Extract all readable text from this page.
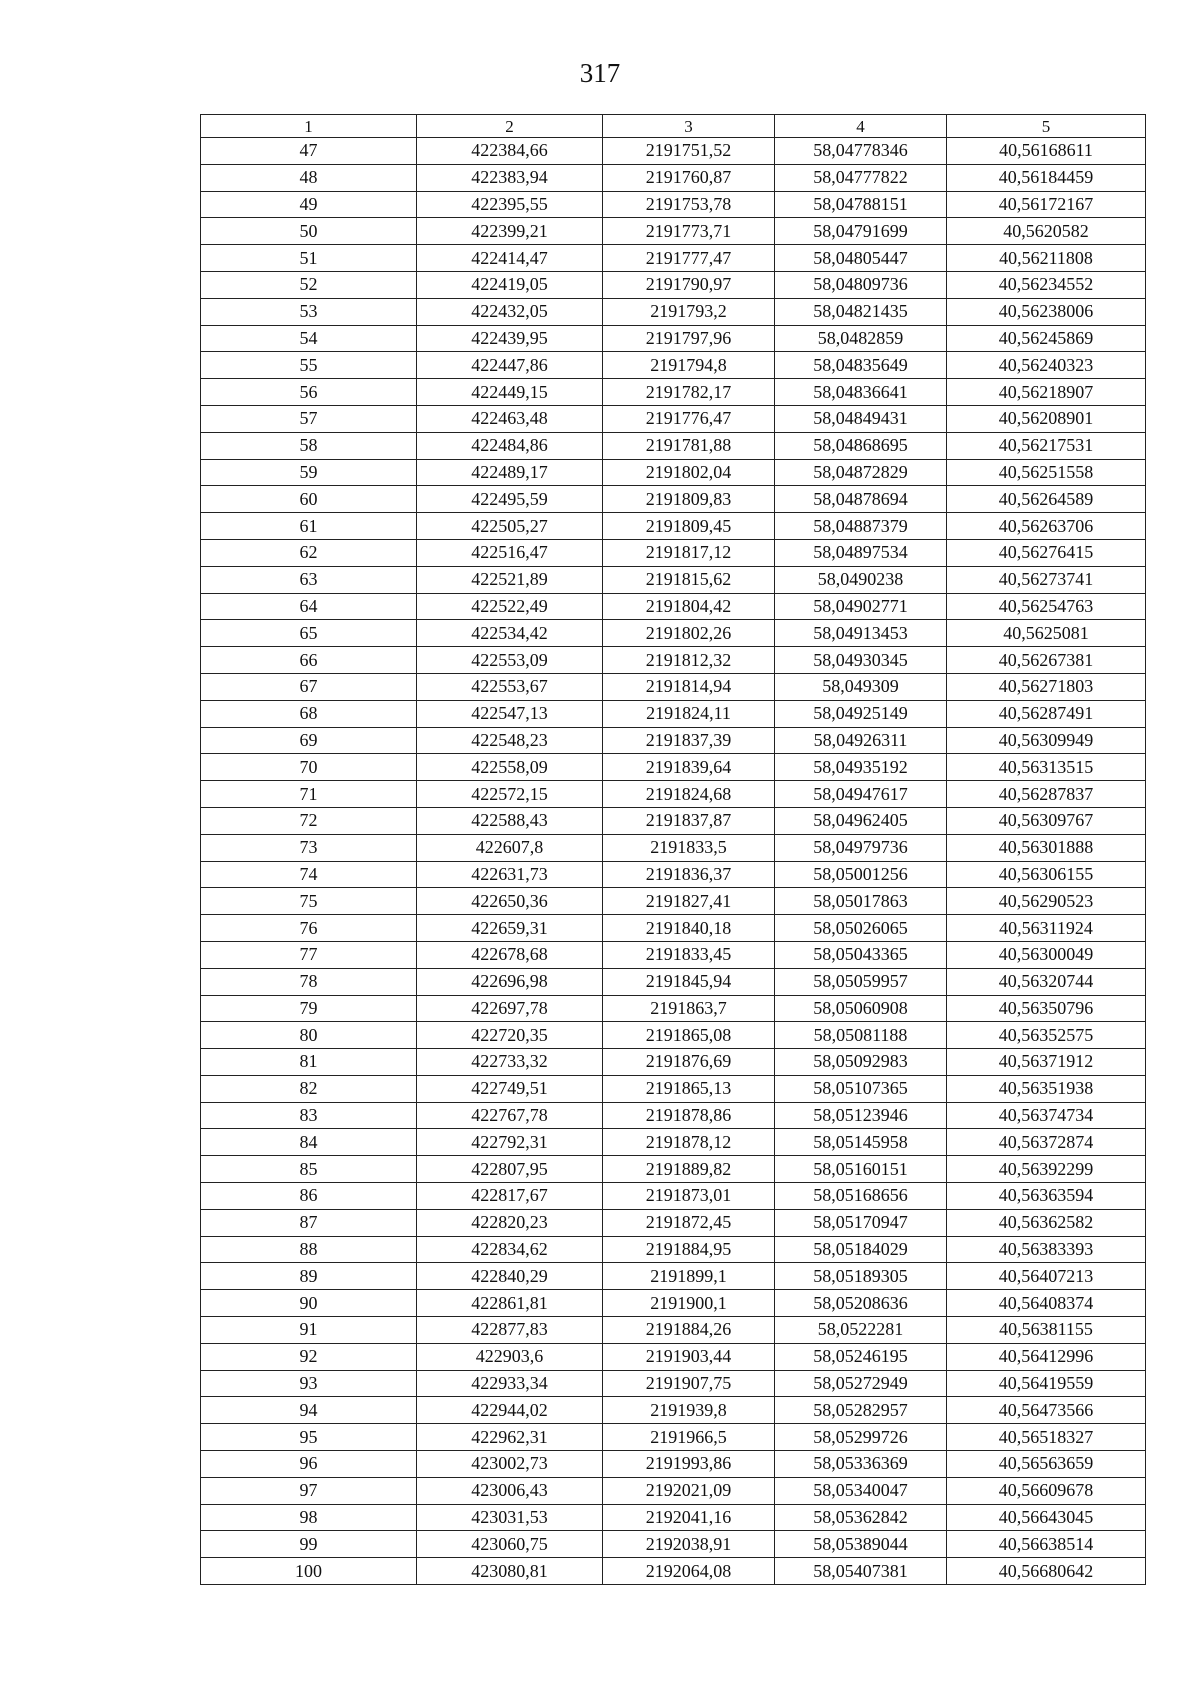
317
1	2	3	4	5
47	422384,66	2191751,52	58,04778346	40,56168611
48	422383,94	2191760,87	58,04777822	40,56184459
49	422395,55	2191753,78	58,04788151	40,56172167
50	422399,21	2191773,71	58,04791699	40,5620582
51	422414,47	2191777,47	58,04805447	40,56211808
52	422419,05	2191790,97	58,04809736	40,56234552
53	422432,05	2191793,2	58,04821435	40,56238006
54	422439,95	2191797,96	58,0482859	40,56245869
55	422447,86	2191794,8	58,04835649	40,56240323
56	422449,15	2191782,17	58,04836641	40,56218907
57	422463,48	2191776,47	58,04849431	40,56208901
58	422484,86	2191781,88	58,04868695	40,56217531
59	422489,17	2191802,04	58,04872829	40,56251558
60	422495,59	2191809,83	58,04878694	40,56264589
61	422505,27	2191809,45	58,04887379	40,56263706
62	422516,47	2191817,12	58,04897534	40,56276415
63	422521,89	2191815,62	58,0490238	40,56273741
64	422522,49	2191804,42	58,04902771	40,56254763
65	422534,42	2191802,26	58,04913453	40,5625081
66	422553,09	2191812,32	58,04930345	40,56267381
67	422553,67	2191814,94	58,049309	40,56271803
68	422547,13	2191824,11	58,04925149	40,56287491
69	422548,23	2191837,39	58,04926311	40,56309949
70	422558,09	2191839,64	58,04935192	40,56313515
71	422572,15	2191824,68	58,04947617	40,56287837
72	422588,43	2191837,87	58,04962405	40,56309767
73	422607,8	2191833,5	58,04979736	40,56301888
74	422631,73	2191836,37	58,05001256	40,56306155
75	422650,36	2191827,41	58,05017863	40,56290523
76	422659,31	2191840,18	58,05026065	40,56311924
77	422678,68	2191833,45	58,05043365	40,56300049
78	422696,98	2191845,94	58,05059957	40,56320744
79	422697,78	2191863,7	58,05060908	40,56350796
80	422720,35	2191865,08	58,05081188	40,56352575
81	422733,32	2191876,69	58,05092983	40,56371912
82	422749,51	2191865,13	58,05107365	40,56351938
83	422767,78	2191878,86	58,05123946	40,56374734
84	422792,31	2191878,12	58,05145958	40,56372874
85	422807,95	2191889,82	58,05160151	40,56392299
86	422817,67	2191873,01	58,05168656	40,56363594
87	422820,23	2191872,45	58,05170947	40,56362582
88	422834,62	2191884,95	58,05184029	40,56383393
89	422840,29	2191899,1	58,05189305	40,56407213
90	422861,81	2191900,1	58,05208636	40,56408374
91	422877,83	2191884,26	58,0522281	40,56381155
92	422903,6	2191903,44	58,05246195	40,56412996
93	422933,34	2191907,75	58,05272949	40,56419559
94	422944,02	2191939,8	58,05282957	40,56473566
95	422962,31	2191966,5	58,05299726	40,56518327
96	423002,73	2191993,86	58,05336369	40,56563659
97	423006,43	2192021,09	58,05340047	40,56609678
98	423031,53	2192041,16	58,05362842	40,56643045
99	423060,75	2192038,91	58,05389044	40,56638514
100	423080,81	2192064,08	58,05407381	40,56680642
